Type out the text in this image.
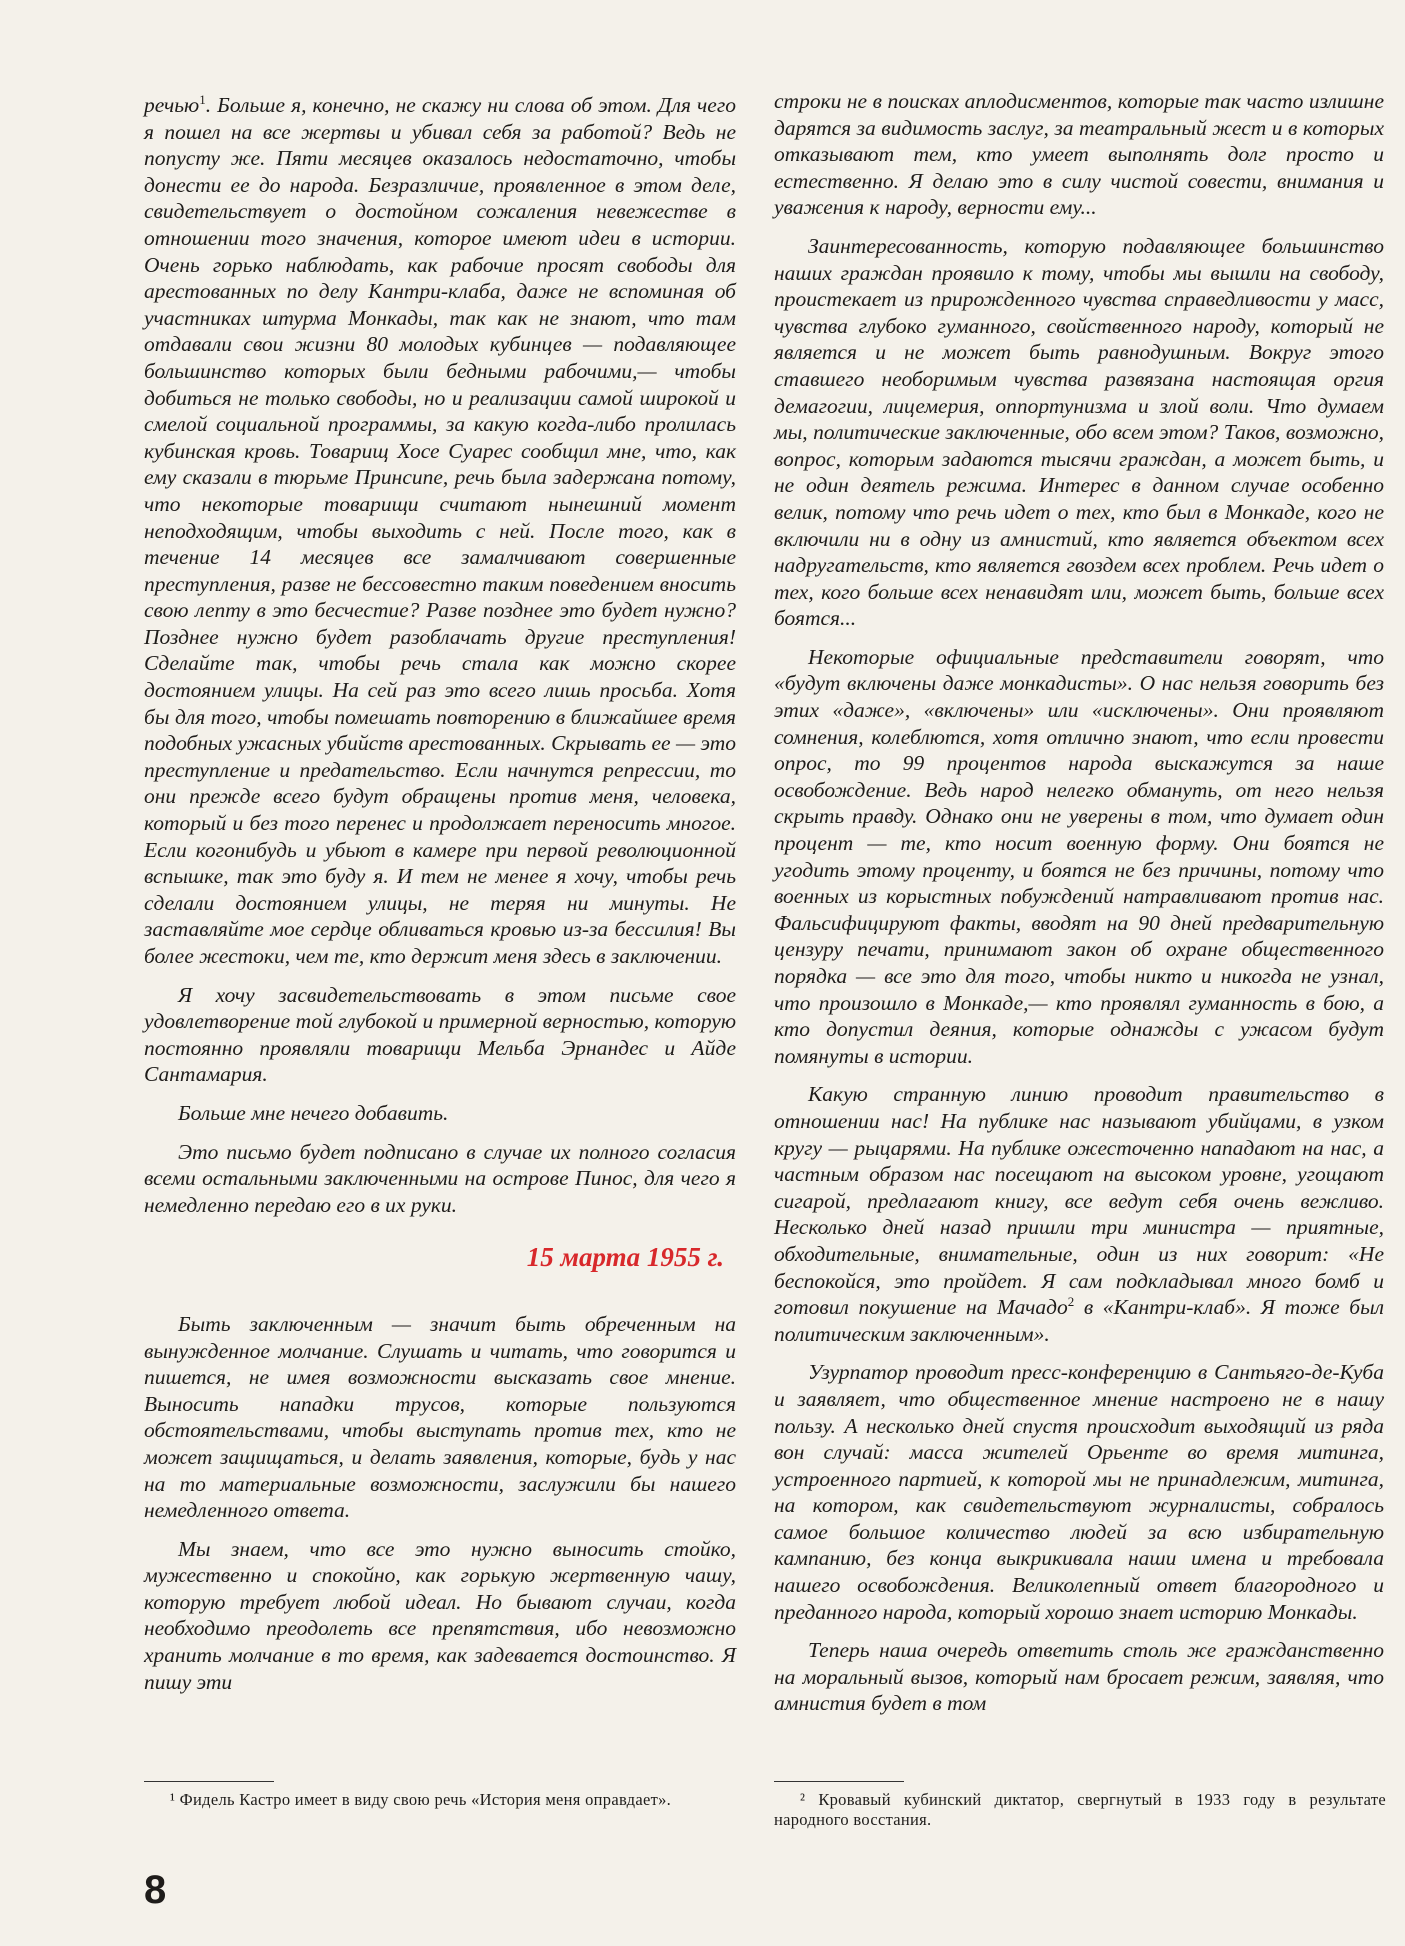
речью$^1$. Больше я, конечно, не скажу ни слова об этом. Для чего я пошел на все жертвы и убивал себя за работой? Ведь не попусту же. Пяти месяцев оказалось недостаточно, чтобы донести ее до народа. Безразличие, проявленное в этом деле, свидетельствует о достойном сожаления невежестве в отношении того значения, которое имеют идеи в истории. Очень горько наблюдать, как рабочие просят свободы для арестованных по делу Кантри-клаба, даже не вспоминая об участниках штурма Монкады, так как не знают, что там отдавали свои жизни 80 молодых кубинцев — подавляющее большинство которых были бедными рабочими,— чтобы добиться не только свободы, но и реализации самой широкой и смелой социальной программы, за какую когда-либо пролилась кубинская кровь. Товарищ Хосе Суарес сообщил мне, что, как ему сказали в тюрьме Принсипе, речь была задержана потому, что некоторые товарищи считают нынешний момент неподходящим, чтобы выходить с ней. После того, как в течение 14 месяцев все замалчивают совершенные преступления, разве не бессовестно таким поведением вносить свою лепту в это бесчестие? Разве позднее это будет нужно? Позднее нужно будет разоблачать другие преступления! Сделайте так, чтобы речь стала как можно скорее достоянием улицы. На сей раз это всего лишь просьба. Хотя бы для того, чтобы помешать повторению в ближайшее время подобных ужасных убийств арестованных. Скрывать ее — это преступление и предательство. Если начнутся репрессии, то они прежде всего будут обращены против меня, человека, который и без того перенес и продолжает переносить многое. Если когонибудь и убьют в камере при первой революционной вспышке, так это буду я. И тем не менее я хочу, чтобы речь сделали достоянием улицы, не теряя ни минуты. Не заставляйте мое сердце обливаться кровью из-за бессилия! Вы более жестоки, чем те, кто держит меня здесь в заключении.

Я хочу засвидетельствовать в этом письме свое удовлетворение той глубокой и примерной верностью, которую постоянно проявляли товарищи Мельба Эрнандес и Айде Сантамария.

Больше мне нечего добавить.

Это письмо будет подписано в случае их полного согласия всеми остальными заключенными на острове Пинос, для чего я немедленно передаю его в их руки.

15 марта 1955 г.

Быть заключенным — значит быть обреченным на вынужденное молчание. Слушать и читать, что говорится и пишется, не имея возможности высказать свое мнение. Выносить нападки трусов, которые пользуются обстоятельствами, чтобы выступать против тех, кто не может защищаться, и делать заявления, которые, будь у нас на то материальные возможности, заслужили бы нашего немедленного ответа.

Мы знаем, что все это нужно выносить стойко, мужественно и спокойно, как горькую жертвенную чашу, которую требует любой идеал. Но бывают случаи, когда необходимо преодолеть все препятствия, ибо невозможно хранить молчание в то время, как задевается достоинство. Я пишу эти

строки не в поисках аплодисментов, которые так часто излишне дарятся за видимость заслуг, за театральный жест и в которых отказывают тем, кто умеет выполнять долг просто и естественно. Я делаю это в силу чистой совести, внимания и уважения к народу, верности ему...

Заинтересованность, которую подавляющее большинство наших граждан проявило к тому, чтобы мы вышли на свободу, проистекает из прирожденного чувства справедливости у масс, чувства глубоко гуманного, свойственного народу, который не является и не может быть равнодушным. Вокруг этого ставшего необоримым чувства развязана настоящая оргия демагогии, лицемерия, оппортунизма и злой воли. Что думаем мы, политические заключенные, обо всем этом? Таков, возможно, вопрос, которым задаются тысячи граждан, а может быть, и не один деятель режима. Интерес в данном случае особенно велик, потому что речь идет о тех, кто был в Монкаде, кого не включили ни в одну из амнистий, кто является объектом всех надругательств, кто является гвоздем всех проблем. Речь идет о тех, кого больше всех ненавидят или, может быть, больше всех боятся...

Некоторые официальные представители говорят, что «будут включены даже монкадисты». О нас нельзя говорить без этих «даже», «включены» или «исключены». Они проявляют сомнения, колеблются, хотя отлично знают, что если провести опрос, то 99 процентов народа выскажутся за наше освобождение. Ведь народ нелегко обмануть, от него нельзя скрыть правду. Однако они не уверены в том, что думает один процент — те, кто носит военную форму. Они боятся не угодить этому проценту, и боятся не без причины, потому что военных из корыстных побуждений натравливают против нас. Фальсифицируют факты, вводят на 90 дней предварительную цензуру печати, принимают закон об охране общественного порядка — все это для того, чтобы никто и никогда не узнал, что произошло в Монкаде,— кто проявлял гуманность в бою, а кто допустил деяния, которые однажды с ужасом будут помянуты в истории.

Какую странную линию проводит правительство в отношении нас! На публике нас называют убийцами, в узком кругу — рыцарями. На публике ожесточенно нападают на нас, а частным образом нас посещают на высоком уровне, угощают сигарой, предлагают книгу, все ведут себя очень вежливо. Несколько дней назад пришли три министра — приятные, обходительные, внимательные, один из них говорит: «Не беспокойся, это пройдет. Я сам подкладывал много бомб и готовил покушение на Мачадо$^2$ в «Кантри-клаб». Я тоже был политическим заключенным».

Узурпатор проводит пресс-конференцию в Сантьяго-де-Куба и заявляет, что общественное мнение настроено не в нашу пользу. А несколько дней спустя происходит выходящий из ряда вон случай: масса жителей Орьенте во время митинга, устроенного партией, к которой мы не принадлежим, митинга, на котором, как свидетельствуют журналисты, собралось самое большое количество людей за всю избирательную кампанию, без конца выкрикивала наши имена и требовала нашего освобождения. Великолепный ответ благородного и преданного народа, который хорошо знает историю Монкады.

Теперь наша очередь ответить столь же гражданственно на моральный вызов, который нам бросает режим, заявляя, что амнистия будет в том

¹ Фидель Кастро имеет в виду свою речь «История меня оправдает».	² Кровавый кубинский диктатор, свергнутый в 1933 году в результате народного восстания.
8
